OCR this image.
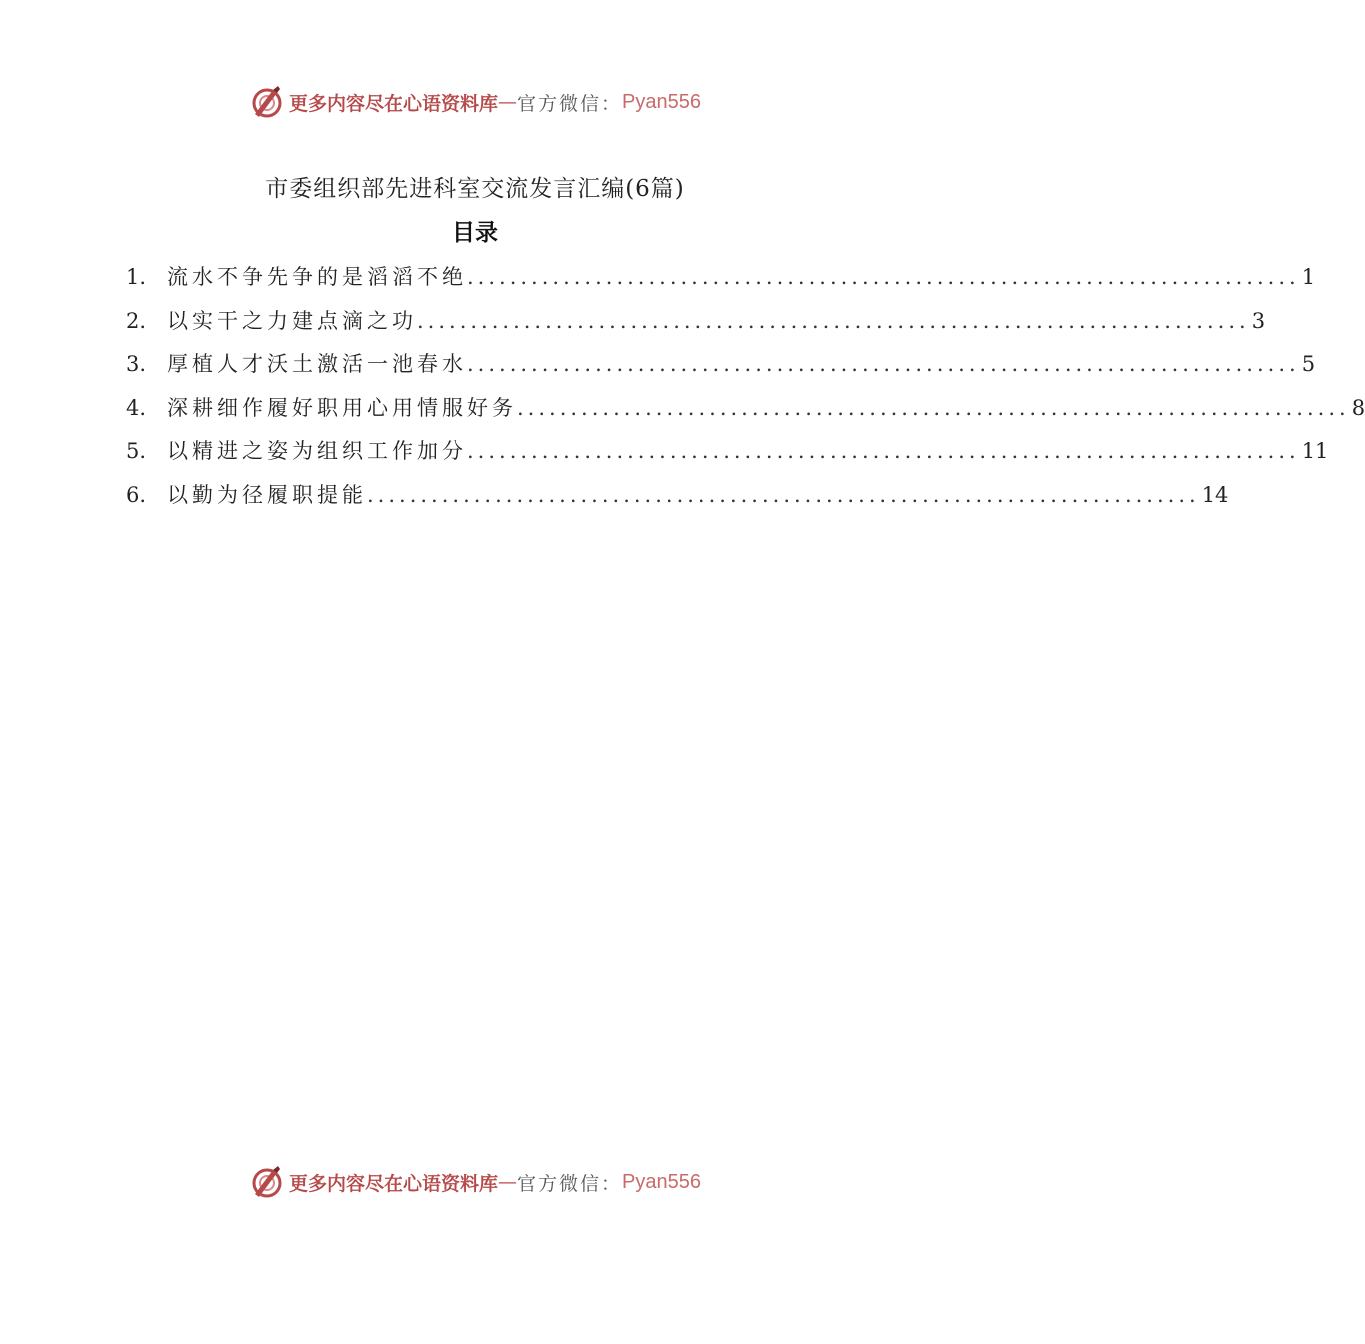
更多内容尽在心语资料库 — 官方微信： Pyan556
市委组织部先进科室交流发言汇编(6篇)
目录
1. 流水不争先争的是滔滔不绝 .............................................................................. 1
2. 以实干之力建点滴之功 .............................................................................. 3
3. 厚植人才沃土激活一池春水 .............................................................................. 5
4. 深耕细作履好职用心用情服好务 .............................................................................. 8
5. 以精进之姿为组织工作加分 .............................................................................. 11
6. 以勤为径履职提能 .............................................................................. 14
更多内容尽在心语资料库 — 官方微信： Pyan556
